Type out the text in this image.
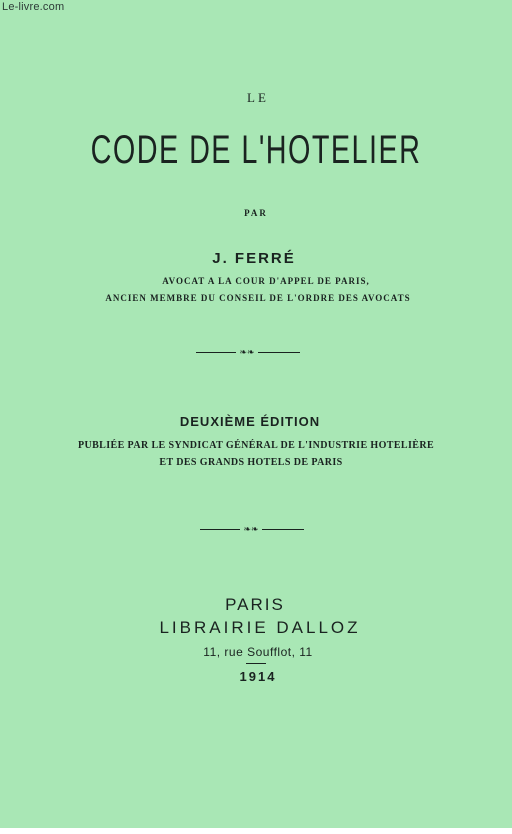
Le-livre.com
LE
CODE DE L'HOTELIER
PAR
J. FERRÉ
AVOCAT A LA COUR D'APPEL DE PARIS,
ANCIEN MEMBRE DU CONSEIL DE L'ORDRE DES AVOCATS
❧❧
DEUXIÈME ÉDITION
PUBLIÉE PAR LE SYNDICAT GÉNÉRAL DE L'INDUSTRIE HOTELIÈRE
ET DES GRANDS HOTELS DE PARIS
❧❧
PARIS
LIBRAIRIE DALLOZ
11, rue Soufflot, 11
1914
